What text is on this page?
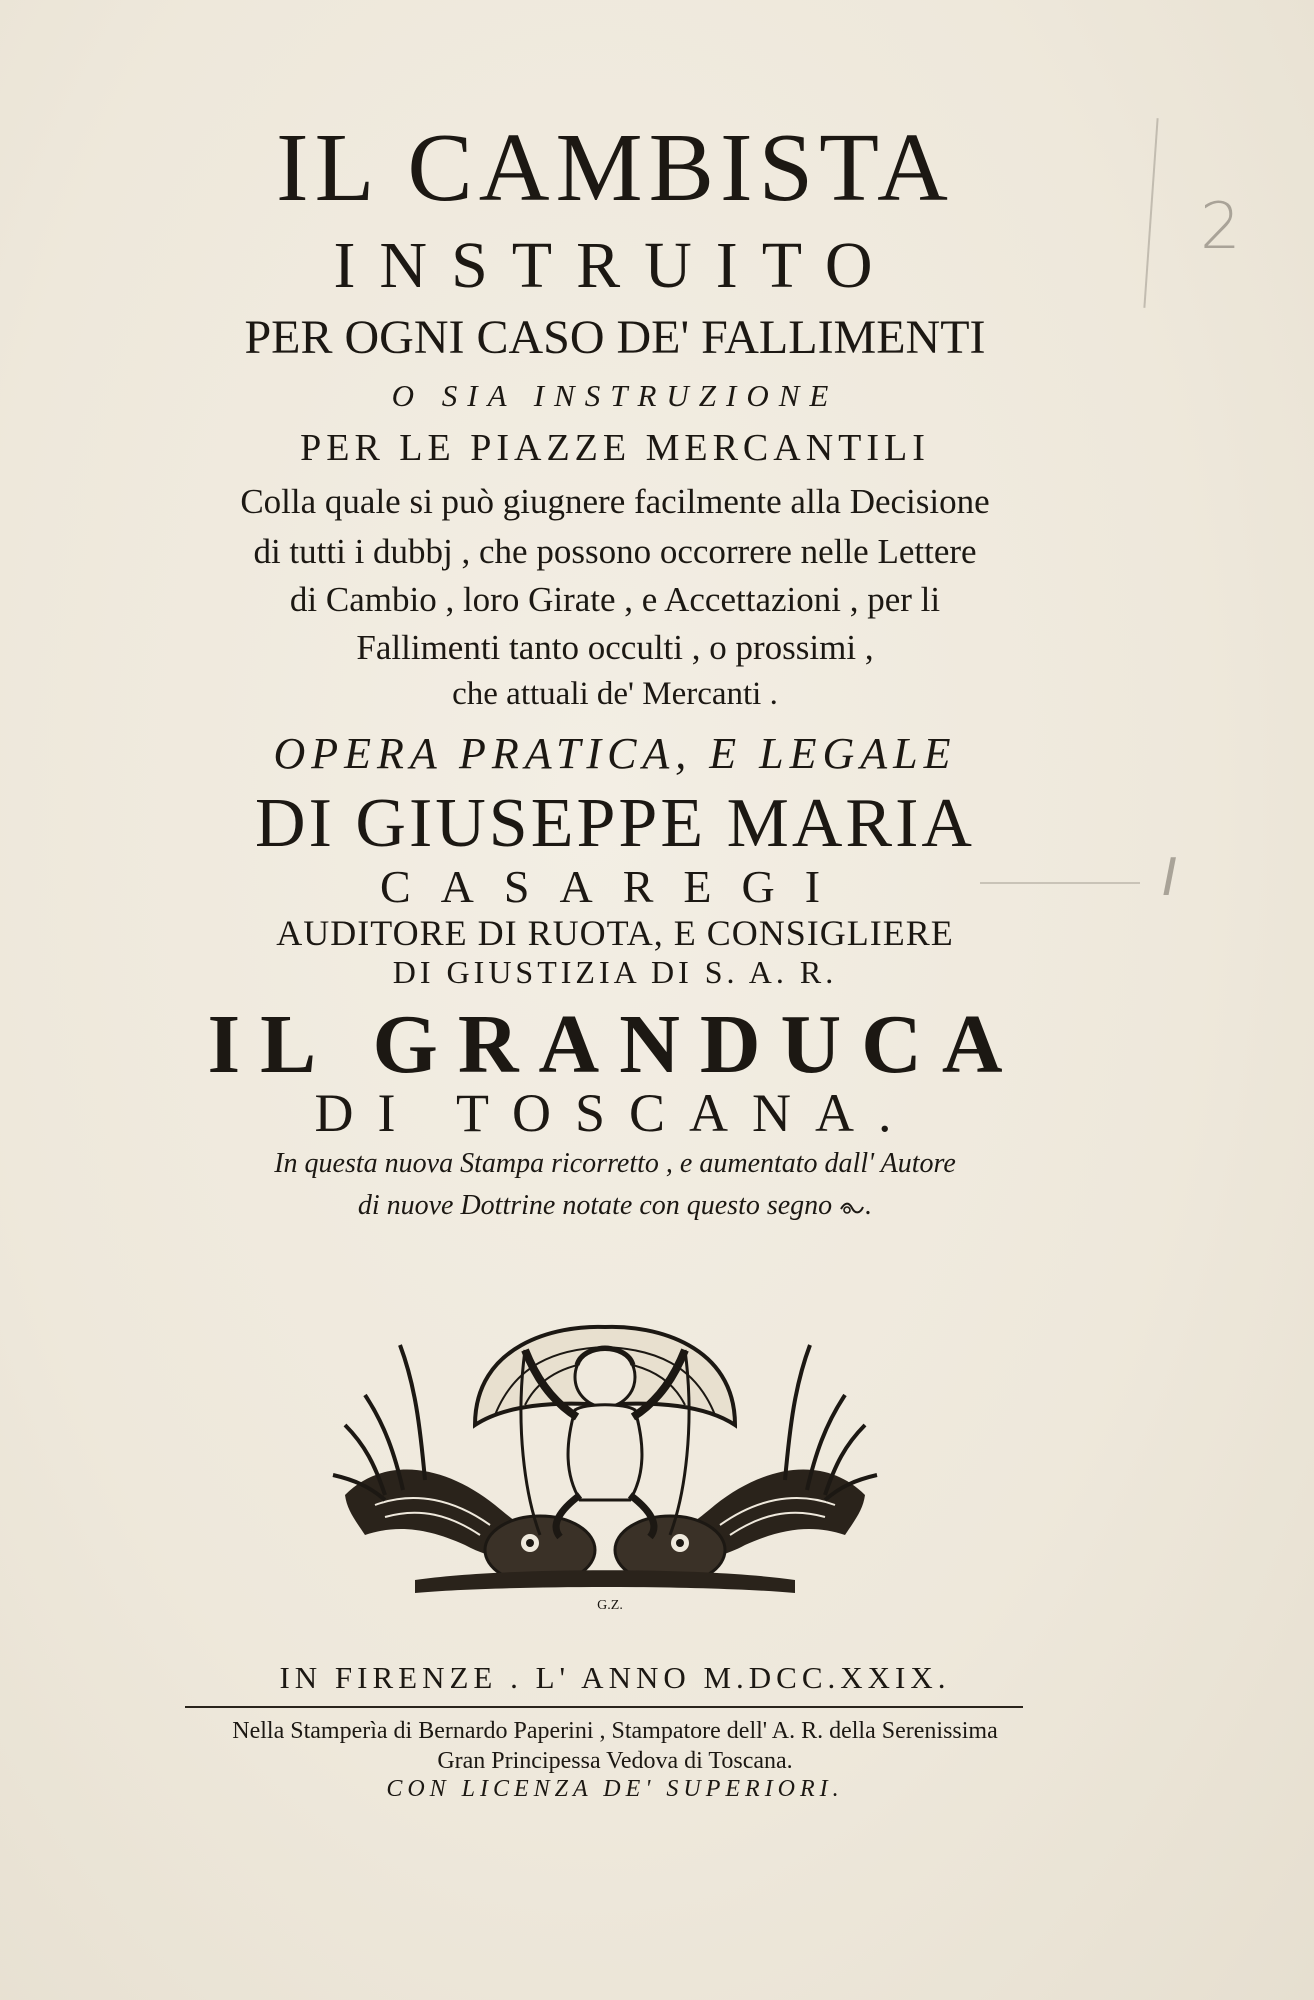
IL CAMBISTA
INSTRUITO
PER OGNI CASO DE' FALLIMENTI
O SIA INSTRUZIONE
PER LE PIAZZE MERCANTILI
Colla quale si può giugnere facilmente alla Decisione
di tutti i dubbj , che possono occorrere nelle Lettere
di Cambio , loro Girate , e Accettazioni , per li
Fallimenti tanto occulti , o prossimi ,
che attuali de' Mercanti .
OPERA PRATICA, E LEGALE
DI GIUSEPPE MARIA
CASAREGI
AUDITORE DI RUOTA, E CONSIGLIERE
DI GIUSTIZIA DI S. A. R.
IL GRANDUCA
DI TOSCANA.
In questa nuova Stampa ricorretto , e aumentato dall' Autore
di nuove Dottrine notate con questo segno .
G.Z.
IN FIRENZE . L' ANNO M.DCC.XXIX.
Nella Stamperìa di Bernardo Paperini , Stampatore dell' A. R. della Serenissima
Gran Principessa Vedova di Toscana.
CON LICENZA DE' SUPERIORI.
2
I
